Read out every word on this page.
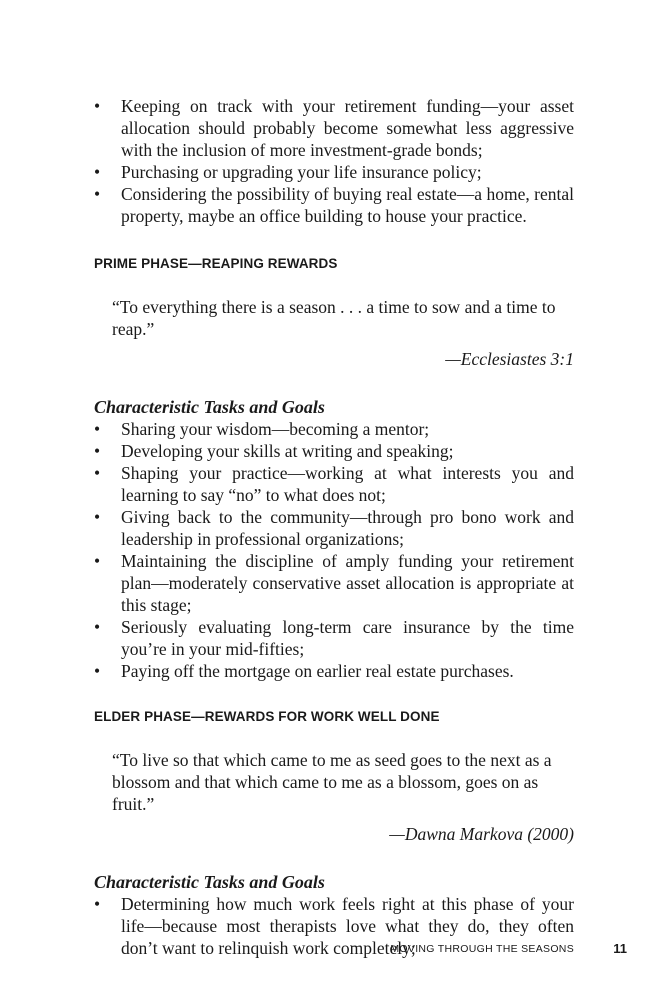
• Keeping on track with your retirement funding—your asset allocation should probably become somewhat less aggressive with the inclusion of more investment-grade bonds;
• Purchasing or upgrading your life insurance policy;
• Considering the possibility of buying real estate—a home, rental property, maybe an office building to house your practice.
PRIME PHASE—REAPING REWARDS
“To everything there is a season . . . a time to sow and a time to reap.”
—Ecclesiastes 3:1
Characteristic Tasks and Goals
• Sharing your wisdom—becoming a mentor;
• Developing your skills at writing and speaking;
• Shaping your practice—working at what interests you and learning to say “no” to what does not;
• Giving back to the community—through pro bono work and leadership in professional organizations;
• Maintaining the discipline of amply funding your retirement plan—moderately conservative asset allocation is appropriate at this stage;
• Seriously evaluating long-term care insurance by the time you’re in your mid-fifties;
• Paying off the mortgage on earlier real estate purchases.
ELDER PHASE—REWARDS FOR WORK WELL DONE
“To live so that which came to me as seed goes to the next as a blossom and that which came to me as a blossom, goes on as fruit.”
—Dawna Markova (2000)
Characteristic Tasks and Goals
• Determining how much work feels right at this phase of your life—because most therapists love what they do, they often don’t want to relinquish work completely;
MOVING THROUGH THE SEASONS	11
